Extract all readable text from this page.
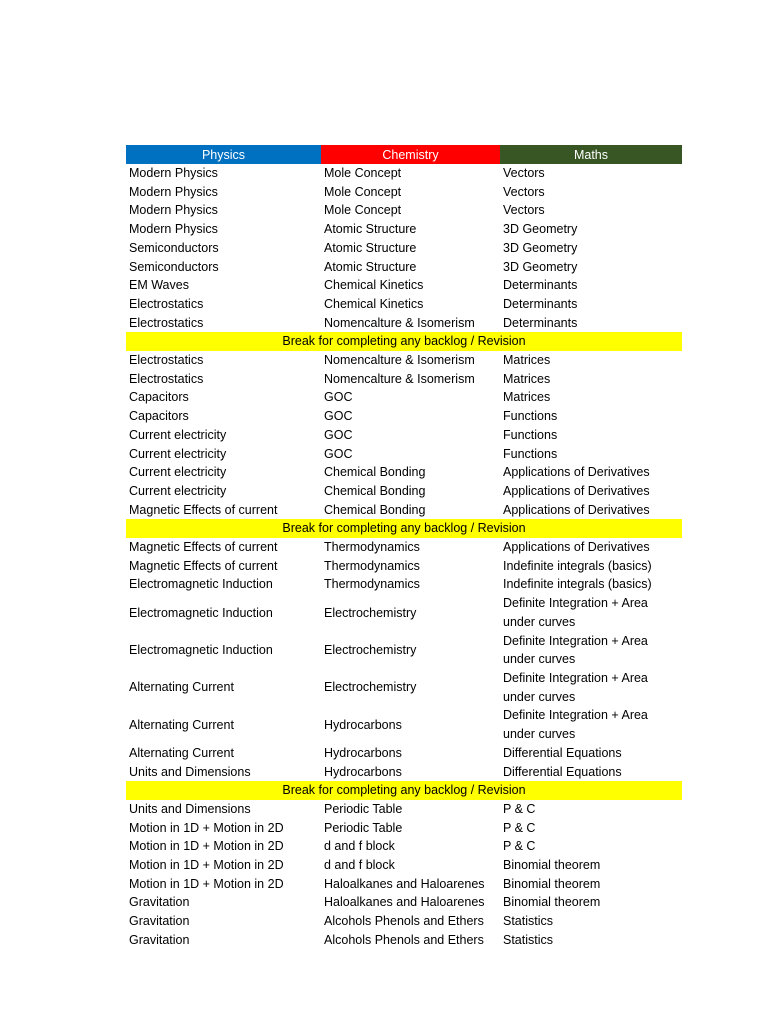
Physics	Chemistry	Maths
Modern Physics	Mole Concept	Vectors
Modern Physics	Mole Concept	Vectors
Modern Physics	Mole Concept	Vectors
Modern Physics	Atomic Structure	3D Geometry
Semiconductors	Atomic Structure	3D Geometry
Semiconductors	Atomic Structure	3D Geometry
EM Waves	Chemical Kinetics	Determinants
Electrostatics	Chemical Kinetics	Determinants
Electrostatics	Nomencalture & Isomerism	Determinants
Break for completing any backlog / Revision		
Electrostatics	Nomencalture & Isomerism	Matrices
Electrostatics	Nomencalture & Isomerism	Matrices
Capacitors	GOC	Matrices
Capacitors	GOC	Functions
Current electricity	GOC	Functions
Current electricity	GOC	Functions
Current electricity	Chemical Bonding	Applications of Derivatives
Current electricity	Chemical Bonding	Applications of Derivatives
Magnetic Effects of current	Chemical Bonding	Applications of Derivatives
Break for completing any backlog / Revision		
Magnetic Effects of current	Thermodynamics	Applications of Derivatives
Magnetic Effects of current	Thermodynamics	Indefinite integrals (basics)
Electromagnetic Induction	Thermodynamics	Indefinite integrals (basics)
Electromagnetic Induction	Electrochemistry	Definite Integration + Area under curves
Electromagnetic Induction	Electrochemistry	Definite Integration + Area under curves
Alternating Current	Electrochemistry	Definite Integration + Area under curves
Alternating Current	Hydrocarbons	Definite Integration + Area under curves
Alternating Current	Hydrocarbons	Differential Equations
Units and Dimensions	Hydrocarbons	Differential Equations
Break for completing any backlog / Revision		
Units and Dimensions	Periodic Table	P & C
Motion in 1D + Motion in 2D	Periodic Table	P & C
Motion in 1D + Motion in 2D	d and f block	P & C
Motion in 1D + Motion in 2D	d and f block	Binomial theorem
Motion in 1D + Motion in 2D	Haloalkanes and Haloarenes	Binomial theorem
Gravitation	Haloalkanes and Haloarenes	Binomial theorem
Gravitation	Alcohols Phenols and Ethers	Statistics
Gravitation	Alcohols Phenols and Ethers	Statistics
